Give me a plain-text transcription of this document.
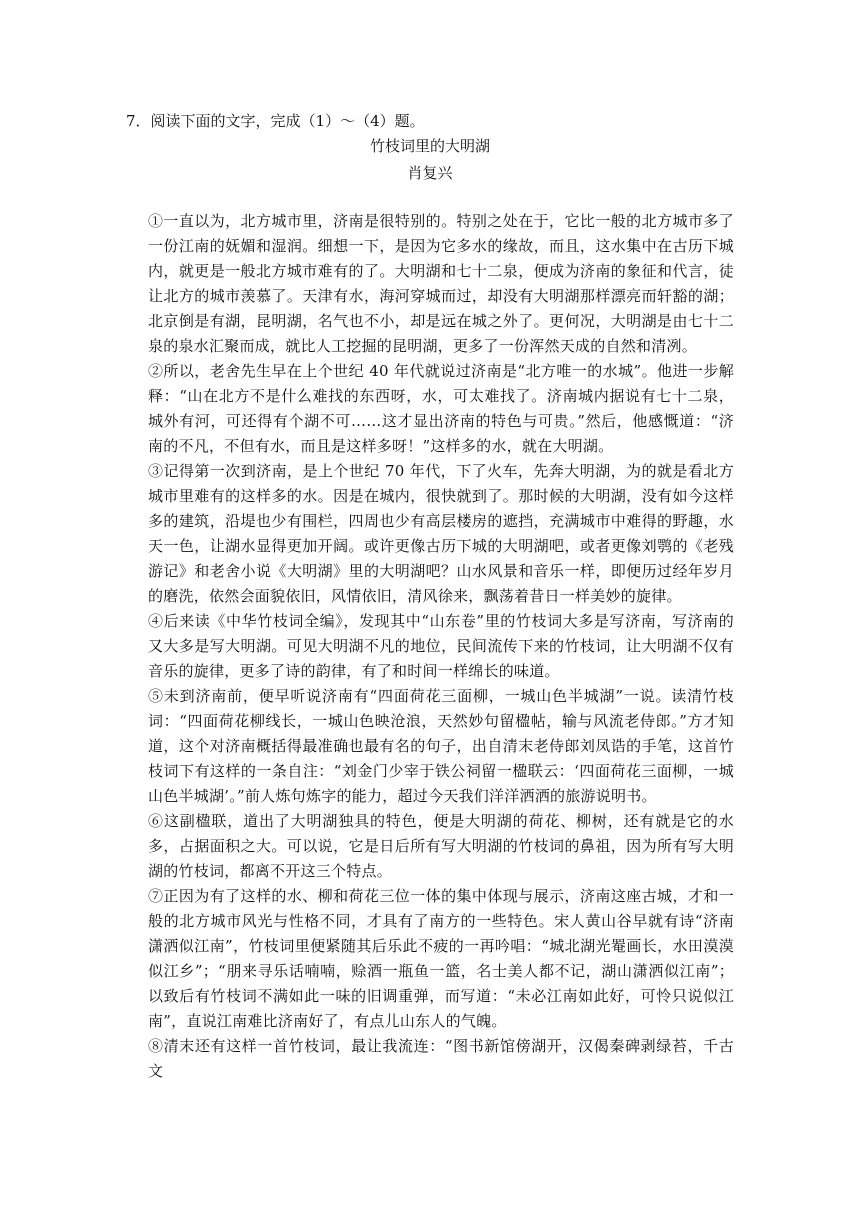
7．阅读下面的文字，完成（1）～（4）题。
竹枝词里的大明湖
肖复兴

①一直以为，北方城市里，济南是很特别的。特别之处在于，它比一般的北方城市多了一份江南的妩媚和湿润。细想一下，是因为它多水的缘故，而且，这水集中在古历下城内，就更是一般北方城市难有的了。大明湖和七十二泉，便成为济南的象征和代言，徒让北方的城市羡慕了。天津有水，海河穿城而过，却没有大明湖那样漂亮而轩豁的湖；北京倒是有湖，昆明湖，名气也不小，却是远在城之外了。更何况，大明湖是由七十二泉的泉水汇聚而成，就比人工挖掘的昆明湖，更多了一份浑然天成的自然和清冽。

②所以，老舍先生早在上个世纪 40 年代就说过济南是“北方唯一的水城”。他进一步解释：“山在北方不是什么难找的东西呀，水，可太难找了。济南城内据说有七十二泉，城外有河，可还得有个湖不可……这才显出济南的特色与可贵。”然后，他感慨道：“济南的不凡，不但有水，而且是这样多呀！”这样多的水，就在大明湖。

③记得第一次到济南，是上个世纪 70 年代，下了火车，先奔大明湖，为的就是看北方城市里难有的这样多的水。因是在城内，很快就到了。那时候的大明湖，没有如今这样多的建筑，沿堤也少有围栏，四周也少有高层楼房的遮挡，充满城市中难得的野趣，水天一色，让湖水显得更加开阔。或许更像古历下城的大明湖吧，或者更像刘鹗的《老残游记》和老舍小说《大明湖》里的大明湖吧？山水风景和音乐一样，即便历过经年岁月的磨洗，依然会面貌依旧，风情依旧，清风徐来，飘荡着昔日一样美妙的旋律。

④后来读《中华竹枝词全编》，发现其中“山东卷”里的竹枝词大多是写济南，写济南的又大多是写大明湖。可见大明湖不凡的地位，民间流传下来的竹枝词，让大明湖不仅有音乐的旋律，更多了诗的韵律，有了和时间一样绵长的味道。

⑤未到济南前，便早听说济南有“四面荷花三面柳，一城山色半城湖”一说。读清竹枝词：“四面荷花柳线长，一城山色映沧浪，天然妙句留楹帖，输与风流老侍郎。”方才知道，这个对济南概括得最准确也最有名的句子，出自清末老侍郎刘凤诰的手笔，这首竹枝词下有这样的一条自注：“刘金门少宰于铁公祠留一楹联云：‘四面荷花三面柳，一城山色半城湖’。”前人炼句炼字的能力，超过今天我们洋洋洒洒的旅游说明书。

⑥这副楹联，道出了大明湖独具的特色，便是大明湖的荷花、柳树，还有就是它的水多，占据面积之大。可以说，它是日后所有写大明湖的竹枝词的鼻祖，因为所有写大明湖的竹枝词，都离不开这三个特点。

⑦正因为有了这样的水、柳和荷花三位一体的集中体现与展示，济南这座古城，才和一般的北方城市风光与性格不同，才具有了南方的一些特色。宋人黄山谷早就有诗“济南潇洒似江南”，竹枝词里便紧随其后乐此不疲的一再吟唱：“城北湖光罨画长，水田漠漠似江乡”；“朋来寻乐话喃喃，赊酒一瓶鱼一篮，名士美人都不记，湖山潇洒似江南”；以致后有竹枝词不满如此一味的旧调重弹，而写道：“未必江南如此好，可怜只说似江南”，直说江南难比济南好了，有点儿山东人的气魄。

⑧清末还有这样一首竹枝词，最让我流连：“图书新馆傍湖开，汉偈秦碑剥绿苔，千古文
